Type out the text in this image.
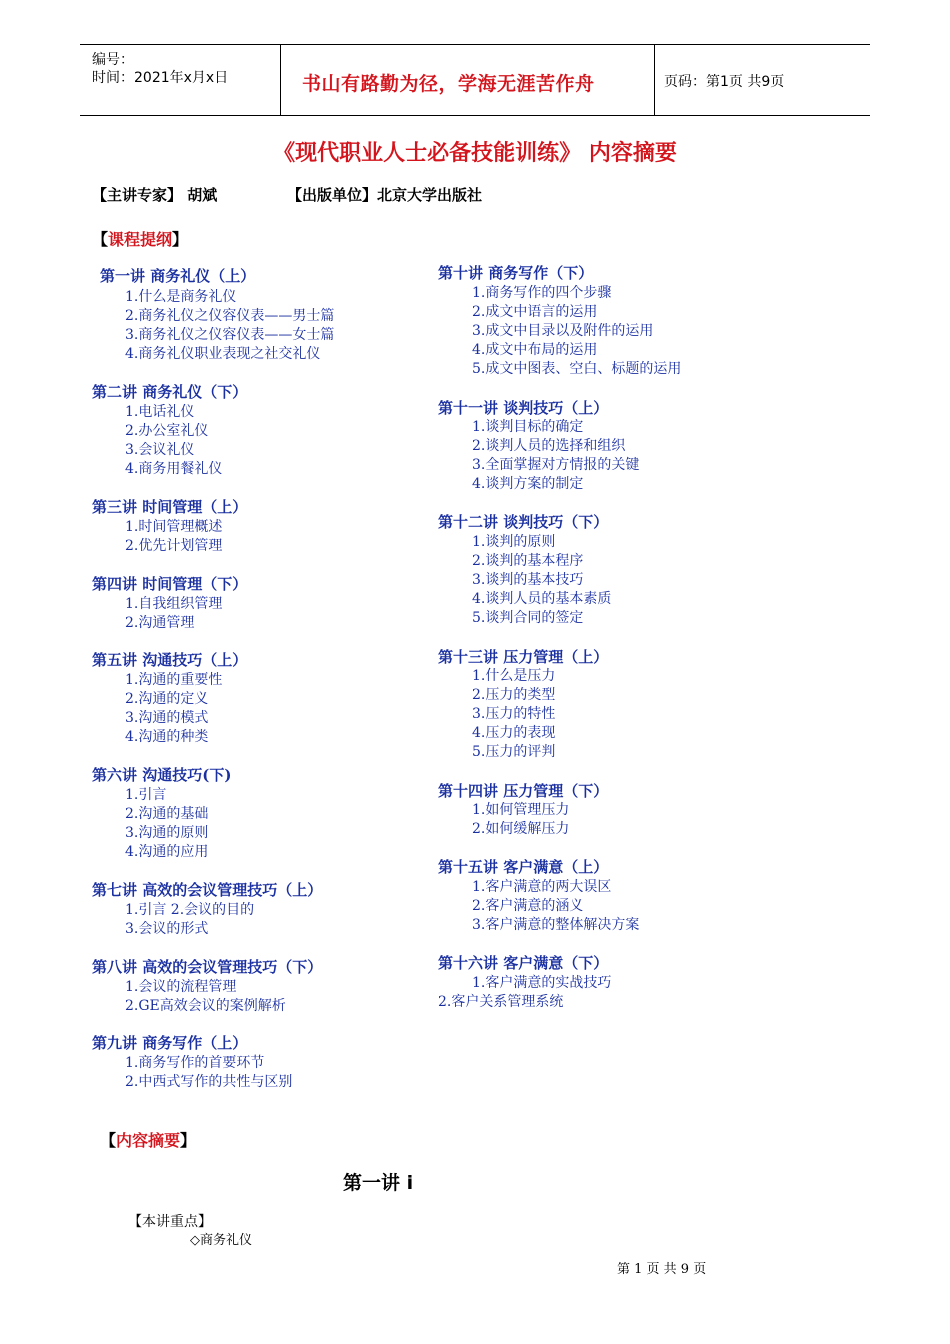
编号：
时间：2021年x月x日	书山有路勤为径，学海无涯苦作舟	页码：第1页 共9页
《现代职业人士必备技能训练》 内容摘要
【主讲专家】 胡斌	【出版单位】北京大学出版社
【课程提纲】
第一讲 商务礼仪（上）
1.什么是商务礼仪
2.商务礼仪之仪容仪表——男士篇
3.商务礼仪之仪容仪表——女士篇
4.商务礼仪职业表现之社交礼仪
第二讲 商务礼仪（下）
1.电话礼仪
2.办公室礼仪
3.会议礼仪
4.商务用餐礼仪
第三讲 时间管理（上）
1.时间管理概述
2.优先计划管理
第四讲 时间管理（下）
1.自我组织管理
2.沟通管理
第五讲 沟通技巧（上）
1.沟通的重要性
2.沟通的定义
3.沟通的模式
4.沟通的种类
第六讲 沟通技巧(下)
1.引言
2.沟通的基础
3.沟通的原则
4.沟通的应用
第七讲 高效的会议管理技巧（上）
1.引言 2.会议的目的
3.会议的形式
第八讲 高效的会议管理技巧（下）
1.会议的流程管理
2.GE高效会议的案例解析
第九讲 商务写作（上）
1.商务写作的首要环节
2.中西式写作的共性与区别
第十讲 商务写作（下）
1.商务写作的四个步骤
2.成文中语言的运用
3.成文中目录以及附件的运用
4.成文中布局的运用
5.成文中图表、空白、标题的运用
第十一讲 谈判技巧（上）
1.谈判目标的确定
2.谈判人员的选择和组织
3.全面掌握对方情报的关键
4.谈判方案的制定
第十二讲 谈判技巧（下）
1.谈判的原则
2.谈判的基本程序
3.谈判的基本技巧
4.谈判人员的基本素质
5.谈判合同的签定
第十三讲 压力管理（上）
1.什么是压力
2.压力的类型
3.压力的特性
4.压力的表现
5.压力的评判
第十四讲 压力管理（下）
1.如何管理压力
2.如何缓解压力
第十五讲 客户满意（上）
1.客户满意的两大误区
2.客户满意的涵义
3.客户满意的整体解决方案
第十六讲 客户满意（下）
1.客户满意的实战技巧
2.客户关系管理系统
【内容摘要】
第一讲 i
【本讲重点】
◇商务礼仪
第 1 页 共 9 页
